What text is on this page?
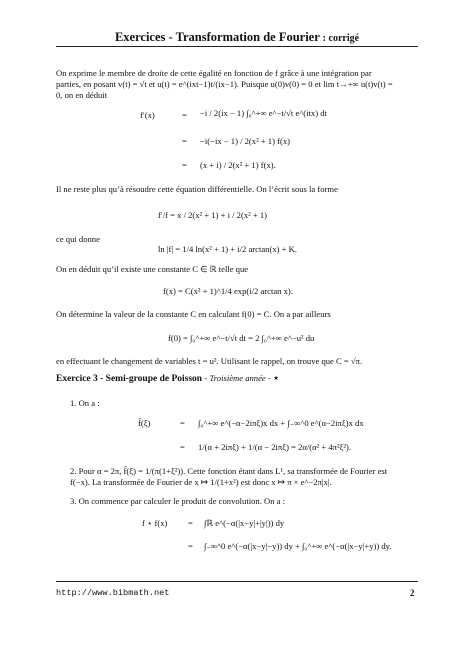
Exercices - Transformation de Fourier : corrigé
On exprime le membre de droite de cette égalité en fonction de f grâce à une intégration par
parties, en posant v(t) = √t et u(t) = e^(ixt−1)t/(ix−1). Puisque u(0)v(0) = 0 et lim t→+∞ u(t)v(t) =
0, on en déduit
f′(x)	= −i / 2(ix − 1) ∫₀^+∞ e^−t/√t e^(itx) dt
= −i(−ix − 1) / 2(x² + 1) f(x)
= (x + i) / 2(x² + 1) f(x).
Il ne reste plus qu’à résoudre cette équation différentielle. On l’écrit sous la forme
f′/f = x / 2(x² + 1) + i / 2(x² + 1)
ce qui donne
ln |f| = 1/4 ln(x² + 1) + i/2 arctan(x) + K.
On en déduit qu’il existe une constante C ∈ ℝ telle que
f(x) = C(x² + 1)^1/4 exp(i/2 arctan x).
On détermine la valeur de la constante C en calculant f(0) = C. On a par ailleurs
f(0) = ∫₀^+∞ e^−t/√t dt = 2 ∫₀^+∞ e^−u² du
en effectuant le changement de variables t = u². Utilisant le rappel, on trouve que C = √π.
Exercice 3 - Semi-groupe de Poisson - Troisième année - ⋆
1. On a :
f̂(ξ)	= ∫₀^+∞ e^(−α−2iπξ)x dx + ∫₋∞^0 e^(α−2iπξ)x dx
= 1/(α + 2iπξ) + 1/(α − 2iπξ) = 2α/(α² + 4π²ξ²).
2. Pour α = 2π, f̂(ξ) = 1/(π(1+ξ²)). Cette fonction étant dans L¹, sa transformée de Fourier est
f(−x). La transformée de Fourier de x ↦ 1/(1+x²) est donc x ↦ π × e^−2π|x|.
3. On commence par calculer le produit de convolution. On a :
f ⋆ f(x) = ∫ℝ e^(−α(|x−y|+|y|)) dy
= ∫₋∞^0 e^(−α(|x−y|−y)) dy + ∫₀^+∞ e^(−α(|x−y|+y)) dy.
http://www.bibmath.net	2
